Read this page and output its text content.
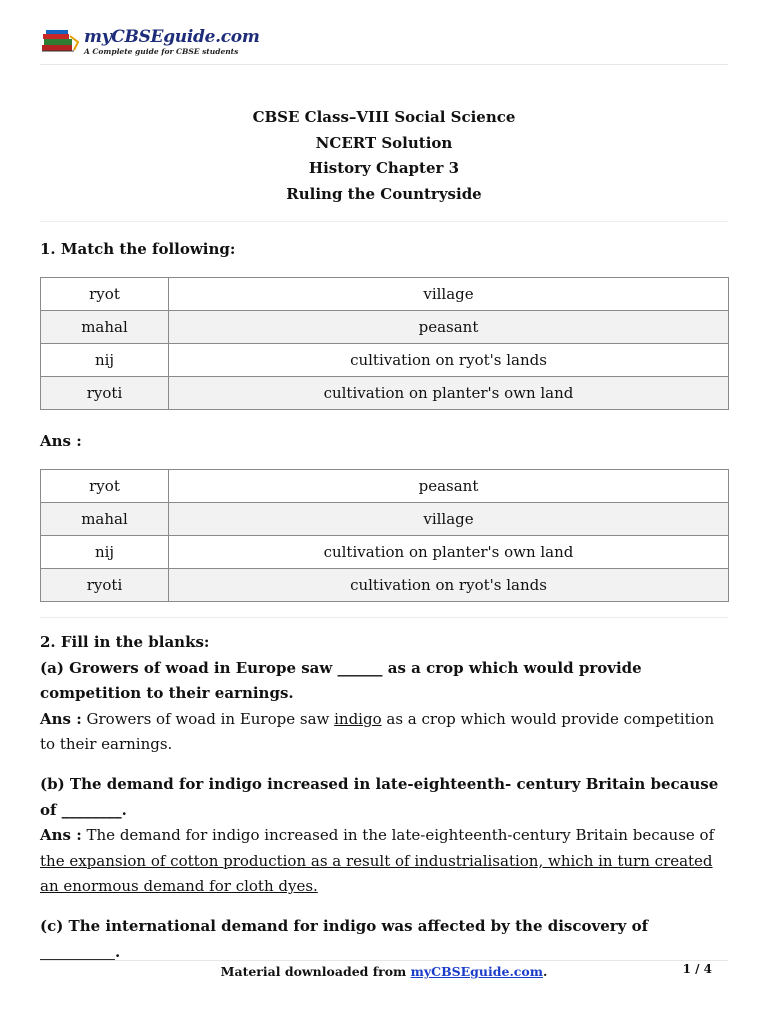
myCBSEguide.com
A Complete guide for CBSE students
CBSE Class–VIII Social Science
NCERT Solution
History Chapter 3
Ruling the Countryside
1. Match the following:
ryot	village
mahal	peasant
nij	cultivation on ryot's lands
ryoti	cultivation on planter's own land
Ans :
ryot	peasant
mahal	village
nij	cultivation on planter's own land
ryoti	cultivation on ryot's lands
2. Fill in the blanks:
(a) Growers of woad in Europe saw ______ as a crop which would provide competition to their earnings.
Ans : Growers of woad in Europe saw indigo as a crop which would provide competition to their earnings.
(b) The demand for indigo increased in late-eighteenth- century Britain because of ________.
Ans : The demand for indigo increased in the late-eighteenth-century Britain because of the expansion of cotton production as a result of industrialisation, which in turn created an enormous demand for cloth dyes.
(c) The international demand for indigo was affected by the discovery of __________.
Material downloaded from myCBSEguide.com.	1 / 4
